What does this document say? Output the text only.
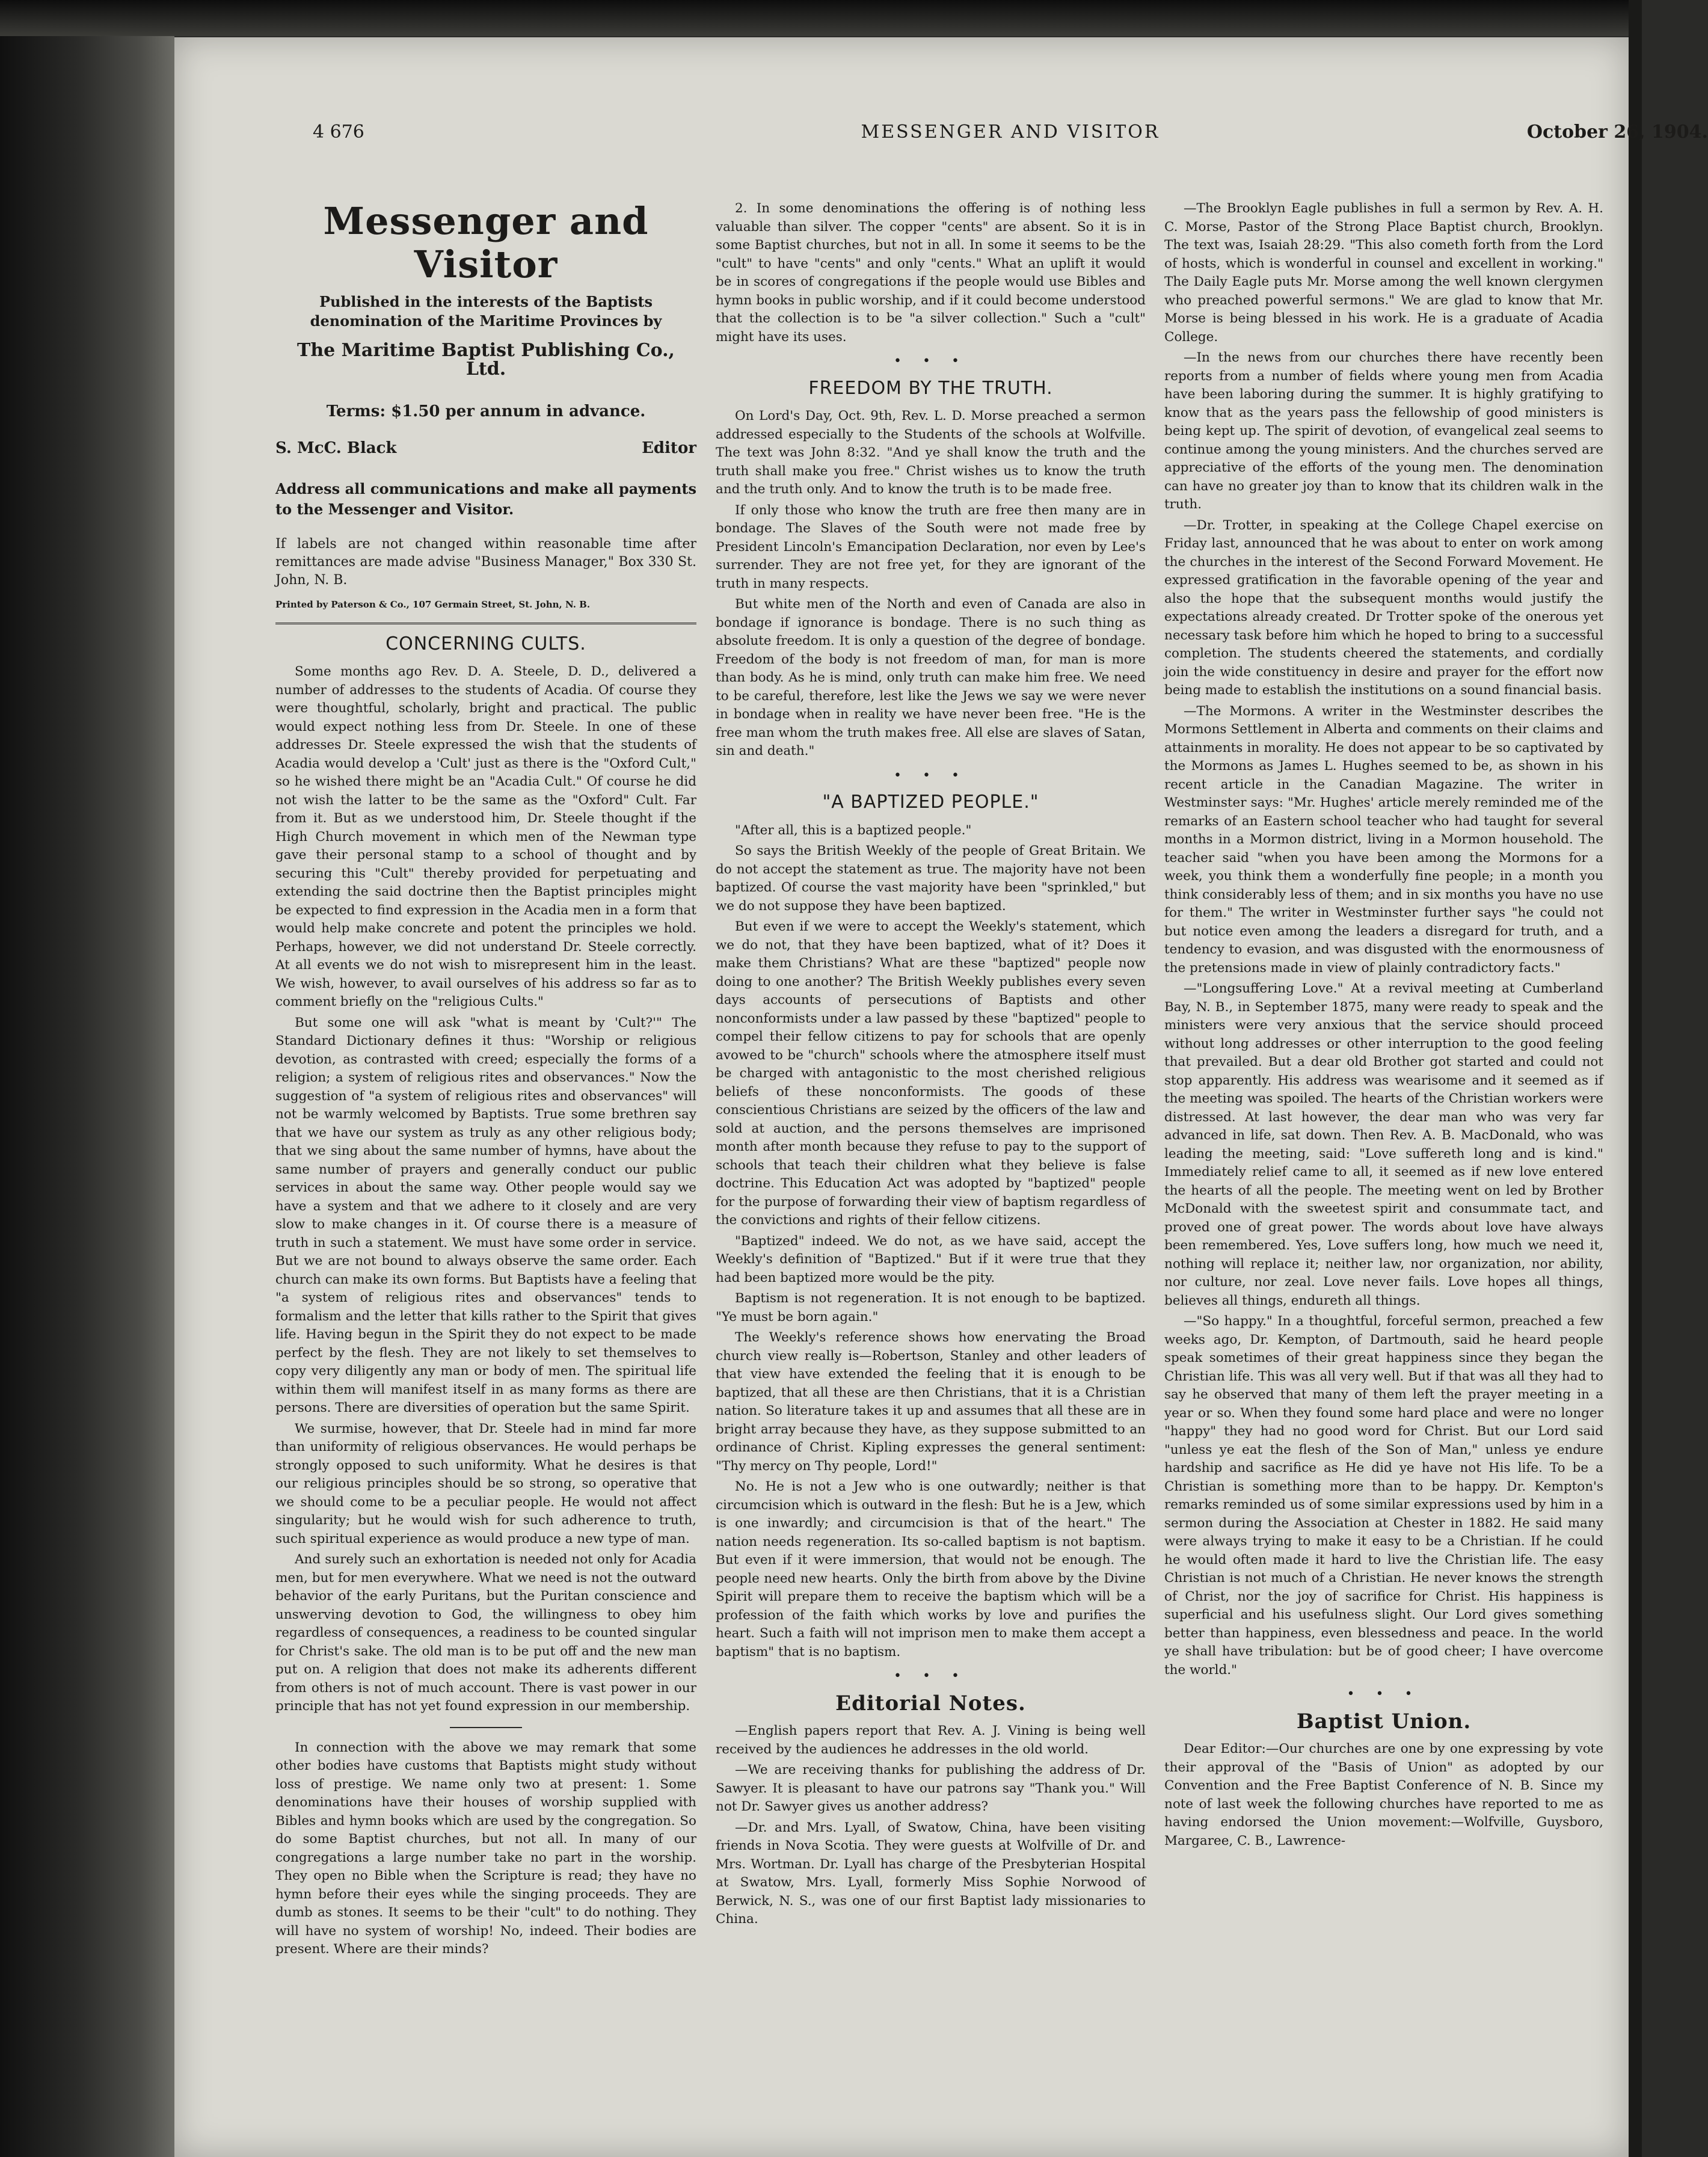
4 676	MESSENGER AND VISITOR	October 26, 1904.
Messenger and Visitor
Published in the interests of the Baptists denomination of the Maritime Provinces by
The Maritime Baptist Publishing Co., Ltd.
Terms: $1.50 per annum in advance.
S. McC. Black	Editor
Address all communications and make all payments to the Messenger and Visitor.
If labels are not changed within reasonable time after remittances are made advise "Business Manager," Box 330 St. John, N. B.
Printed by Paterson & Co., 107 Germain Street, St. John, N. B.
CONCERNING CULTS.

Some months ago Rev. D. A. Steele, D. D., delivered a number of addresses to the students of Acadia. Of course they were thoughtful, scholarly, bright and practical. The public would expect nothing less from Dr. Steele. In one of these addresses Dr. Steele expressed the wish that the students of Acadia would develop a 'Cult' just as there is the "Oxford Cult," so he wished there might be an "Acadia Cult." Of course he did not wish the latter to be the same as the "Oxford" Cult. Far from it. But as we understood him, Dr. Steele thought if the High Church movement in which men of the Newman type gave their personal stamp to a school of thought and by securing this "Cult" thereby provided for perpetuating and extending the said doctrine then the Baptist principles might be expected to find expression in the Acadia men in a form that would help make concrete and potent the principles we hold. Perhaps, however, we did not understand Dr. Steele correctly. At all events we do not wish to misrepresent him in the least. We wish, however, to avail ourselves of his address so far as to comment briefly on the "religious Cults."

But some one will ask "what is meant by 'Cult?'" The Standard Dictionary defines it thus: "Worship or religious devotion, as contrasted with creed; especially the forms of a religion; a system of religious rites and observances." Now the suggestion of "a system of religious rites and observances" will not be warmly welcomed by Baptists. True some brethren say that we have our system as truly as any other religious body; that we sing about the same number of hymns, have about the same number of prayers and generally conduct our public services in about the same way. Other people would say we have a system and that we adhere to it closely and are very slow to make changes in it. Of course there is a measure of truth in such a statement. We must have some order in service. But we are not bound to always observe the same order. Each church can make its own forms. But Baptists have a feeling that "a system of religious rites and observances" tends to formalism and the letter that kills rather to the Spirit that gives life. Having begun in the Spirit they do not expect to be made perfect by the flesh. They are not likely to set themselves to copy very diligently any man or body of men. The spiritual life within them will manifest itself in as many forms as there are persons. There are diversities of operation but the same Spirit.

We surmise, however, that Dr. Steele had in mind far more than uniformity of religious observances. He would perhaps be strongly opposed to such uniformity. What he desires is that our religious principles should be so strong, so operative that we should come to be a peculiar people. He would not affect singularity; but he would wish for such adherence to truth, such spiritual experience as would produce a new type of man.

And surely such an exhortation is needed not only for Acadia men, but for men everywhere. What we need is not the outward behavior of the early Puritans, but the Puritan conscience and unswerving devotion to God, the willingness to obey him regardless of consequences, a readiness to be counted singular for Christ's sake. The old man is to be put off and the new man put on. A religion that does not make its adherents different from others is not of much account. There is vast power in our principle that has not yet found expression in our membership.

In connection with the above we may remark that some other bodies have customs that Baptists might study without loss of prestige. We name only two at present: 1. Some denominations have their houses of worship supplied with Bibles and hymn books which are used by the congregation. So do some Baptist churches, but not all. In many of our congregations a large number take no part in the worship. They open no Bible when the Scripture is read; they have no hymn before their eyes while the singing proceeds. They are dumb as stones. It seems to be their "cult" to do nothing. They will have no system of worship! No, indeed. Their bodies are present. Where are their minds?

2. In some denominations the offering is of nothing less valuable than silver. The copper "cents" are absent. So it is in some Baptist churches, but not in all. In some it seems to be the "cult" to have "cents" and only "cents." What an uplift it would be in scores of congregations if the people would use Bibles and hymn books in public worship, and if it could become understood that the collection is to be "a silver collection." Such a "cult" might have its uses.

• • •
FREEDOM BY THE TRUTH.

On Lord's Day, Oct. 9th, Rev. L. D. Morse preached a sermon addressed especially to the Students of the schools at Wolfville. The text was John 8:32. "And ye shall know the truth and the truth shall make you free." Christ wishes us to know the truth and the truth only. And to know the truth is to be made free.

If only those who know the truth are free then many are in bondage. The Slaves of the South were not made free by President Lincoln's Emancipation Declaration, nor even by Lee's surrender. They are not free yet, for they are ignorant of the truth in many respects.

But white men of the North and even of Canada are also in bondage if ignorance is bondage. There is no such thing as absolute freedom. It is only a question of the degree of bondage. Freedom of the body is not freedom of man, for man is more than body. As he is mind, only truth can make him free. We need to be careful, therefore, lest like the Jews we say we were never in bondage when in reality we have never been free. "He is the free man whom the truth makes free. All else are slaves of Satan, sin and death."

• • •
"A BAPTIZED PEOPLE."

"After all, this is a baptized people."

So says the British Weekly of the people of Great Britain. We do not accept the statement as true. The majority have not been baptized. Of course the vast majority have been "sprinkled," but we do not suppose they have been baptized.

But even if we were to accept the Weekly's statement, which we do not, that they have been baptized, what of it? Does it make them Christians? What are these "baptized" people now doing to one another? The British Weekly publishes every seven days accounts of persecutions of Baptists and other nonconformists under a law passed by these "baptized" people to compel their fellow citizens to pay for schools that are openly avowed to be "church" schools where the atmosphere itself must be charged with antagonistic to the most cherished religious beliefs of these nonconformists. The goods of these conscientious Christians are seized by the officers of the law and sold at auction, and the persons themselves are imprisoned month after month because they refuse to pay to the support of schools that teach their children what they believe is false doctrine. This Education Act was adopted by "baptized" people for the purpose of forwarding their view of baptism regardless of the convictions and rights of their fellow citizens.

"Baptized" indeed. We do not, as we have said, accept the Weekly's definition of "Baptized." But if it were true that they had been baptized more would be the pity.

Baptism is not regeneration. It is not enough to be baptized. "Ye must be born again."

The Weekly's reference shows how enervating the Broad church view really is—Robertson, Stanley and other leaders of that view have extended the feeling that it is enough to be baptized, that all these are then Christians, that it is a Christian nation. So literature takes it up and assumes that all these are in bright array because they have, as they suppose submitted to an ordinance of Christ. Kipling expresses the general sentiment: "Thy mercy on Thy people, Lord!"

No. He is not a Jew who is one outwardly; neither is that circumcision which is outward in the flesh: But he is a Jew, which is one inwardly; and circumcision is that of the heart." The nation needs regeneration. Its so-called baptism is not baptism. But even if it were immersion, that would not be enough. The people need new hearts. Only the birth from above by the Divine Spirit will prepare them to receive the baptism which will be a profession of the faith which works by love and purifies the heart. Such a faith will not imprison men to make them accept a baptism" that is no baptism.

• • •
Editorial Notes.

—English papers report that Rev. A. J. Vining is being well received by the audiences he addresses in the old world.

—We are receiving thanks for publishing the address of Dr. Sawyer. It is pleasant to have our patrons say "Thank you." Will not Dr. Sawyer gives us another address?

—Dr. and Mrs. Lyall, of Swatow, China, have been visiting friends in Nova Scotia. They were guests at Wolfville of Dr. and Mrs. Wortman. Dr. Lyall has charge of the Presbyterian Hospital at Swatow, Mrs. Lyall, formerly Miss Sophie Norwood of Berwick, N. S., was one of our first Baptist lady missionaries to China.

—The Brooklyn Eagle publishes in full a sermon by Rev. A. H. C. Morse, Pastor of the Strong Place Baptist church, Brooklyn. The text was, Isaiah 28:29. "This also cometh forth from the Lord of hosts, which is wonderful in counsel and excellent in working." The Daily Eagle puts Mr. Morse among the well known clergymen who preached powerful sermons." We are glad to know that Mr. Morse is being blessed in his work. He is a graduate of Acadia College.

—In the news from our churches there have recently been reports from a number of fields where young men from Acadia have been laboring during the summer. It is highly gratifying to know that as the years pass the fellowship of good ministers is being kept up. The spirit of devotion, of evangelical zeal seems to continue among the young ministers. And the churches served are appreciative of the efforts of the young men. The denomination can have no greater joy than to know that its children walk in the truth.

—Dr. Trotter, in speaking at the College Chapel exercise on Friday last, announced that he was about to enter on work among the churches in the interest of the Second Forward Movement. He expressed gratification in the favorable opening of the year and also the hope that the subsequent months would justify the expectations already created. Dr Trotter spoke of the onerous yet necessary task before him which he hoped to bring to a successful completion. The students cheered the statements, and cordially join the wide constituency in desire and prayer for the effort now being made to establish the institutions on a sound financial basis.

—The Mormons. A writer in the Westminster describes the Mormons Settlement in Alberta and comments on their claims and attainments in morality. He does not appear to be so captivated by the Mormons as James L. Hughes seemed to be, as shown in his recent article in the Canadian Magazine. The writer in Westminster says: "Mr. Hughes' article merely reminded me of the remarks of an Eastern school teacher who had taught for several months in a Mormon district, living in a Mormon household. The teacher said "when you have been among the Mormons for a week, you think them a wonderfully fine people; in a month you think considerably less of them; and in six months you have no use for them." The writer in Westminster further says "he could not but notice even among the leaders a disregard for truth, and a tendency to evasion, and was disgusted with the enormousness of the pretensions made in view of plainly contradictory facts."

—"Longsuffering Love." At a revival meeting at Cumberland Bay, N. B., in September 1875, many were ready to speak and the ministers were very anxious that the service should proceed without long addresses or other interruption to the good feeling that prevailed. But a dear old Brother got started and could not stop apparently. His address was wearisome and it seemed as if the meeting was spoiled. The hearts of the Christian workers were distressed. At last however, the dear man who was very far advanced in life, sat down. Then Rev. A. B. MacDonald, who was leading the meeting, said: "Love suffereth long and is kind." Immediately relief came to all, it seemed as if new love entered the hearts of all the people. The meeting went on led by Brother McDonald with the sweetest spirit and consummate tact, and proved one of great power. The words about love have always been remembered. Yes, Love suffers long, how much we need it, nothing will replace it; neither law, nor organization, nor ability, nor culture, nor zeal. Love never fails. Love hopes all things, believes all things, endureth all things.

—"So happy." In a thoughtful, forceful sermon, preached a few weeks ago, Dr. Kempton, of Dartmouth, said he heard people speak sometimes of their great happiness since they began the Christian life. This was all very well. But if that was all they had to say he observed that many of them left the prayer meeting in a year or so. When they found some hard place and were no longer "happy" they had no good word for Christ. But our Lord said "unless ye eat the flesh of the Son of Man," unless ye endure hardship and sacrifice as He did ye have not His life. To be a Christian is something more than to be happy. Dr. Kempton's remarks reminded us of some similar expressions used by him in a sermon during the Association at Chester in 1882. He said many were always trying to make it easy to be a Christian. If he could he would often made it hard to live the Christian life. The easy Christian is not much of a Christian. He never knows the strength of Christ, nor the joy of sacrifice for Christ. His happiness is superficial and his usefulness slight. Our Lord gives something better than happiness, even blessedness and peace. In the world ye shall have tribulation: but be of good cheer; I have overcome the world."

• • •
Baptist Union.

Dear Editor:—Our churches are one by one expressing by vote their approval of the "Basis of Union" as adopted by our Convention and the Free Baptist Conference of N. B. Since my note of last week the following churches have reported to me as having endorsed the Union movement:—Wolfville, Guysboro, Margaree, C. B., Lawrence-
